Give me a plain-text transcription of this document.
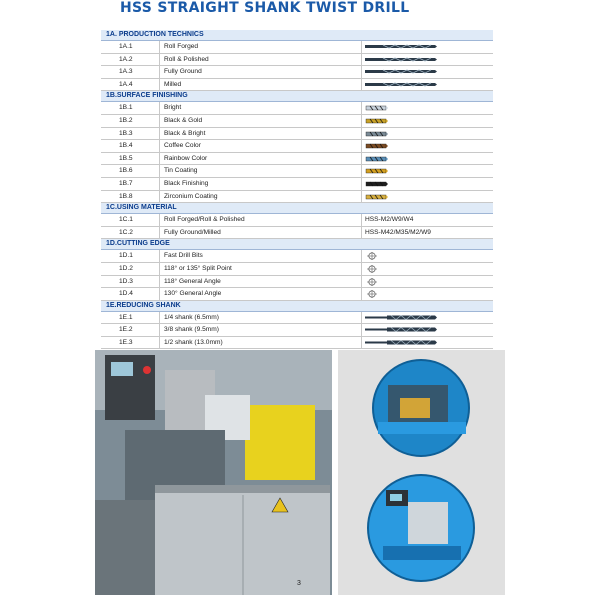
HSS STRAIGHT SHANK TWIST DRILL
1A. PRODUCTION TECHNICS
1A.1	Roll Forged
1A.2	Roll & Polished
1A.3	Fully Ground
1A.4	Milled
1B.SURFACE FINISHING
1B.1	Bright
1B.2	Black & Gold
1B.3	Black & Bright
1B.4	Coffee Color
1B.5	Rainbow Color
1B.6	Tin Coating
1B.7	Black Finishing
1B.8	Zirconium Coating
1C.USING MATERIAL
1C.1	Roll Forged/Roll & Polished	HSS-M2/W9/W4
1C.2	Fully Ground/Milled	HSS-M42/M35/M2/W9
1D.CUTTING EDGE
1D.1	Fast Drill Bits
1D.2	118° or 135° Split Point
1D.3	118° General Angle
1D.4	130° General Angle
1E.REDUCING SHANK
1E.1	1/4 shank (6.5mm)
1E.2	3/8 shank (9.5mm)
1E.3	1/2 shank (13.0mm)
3
